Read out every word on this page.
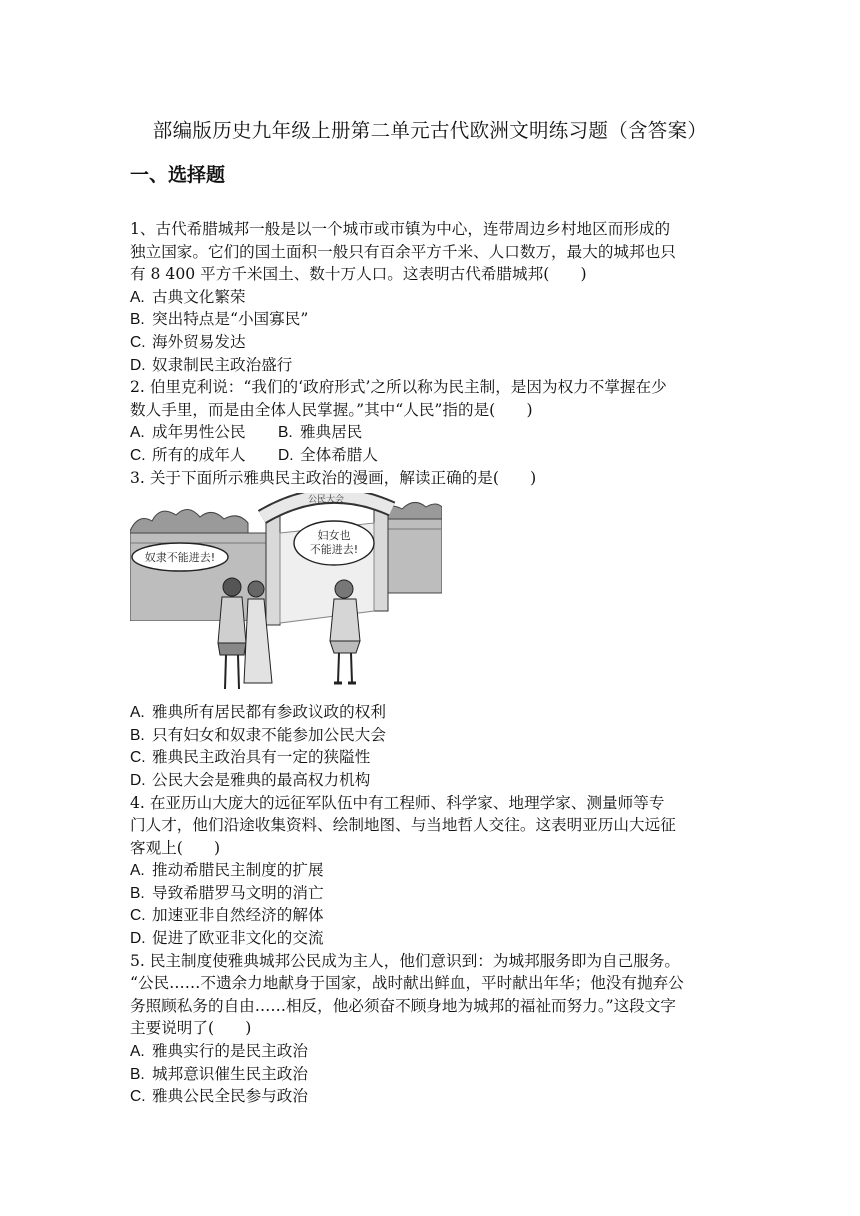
部编版历史九年级上册第二单元古代欧洲文明练习题（含答案）
一、选择题
1、古代希腊城邦一般是以一个城市或市镇为中心，连带周边乡村地区而形成的
独立国家。它们的国土面积一般只有百余平方千米、人口数万，最大的城邦也只
有 8 400 平方千米国土、数十万人口。这表明古代希腊城邦(　　)
A. 古典文化繁荣
B. 突出特点是“小国寡民”
C. 海外贸易发达
D. 奴隶制民主政治盛行
2. 伯里克利说：“我们的‘政府形式’之所以称为民主制，是因为权力不掌握在少
数人手里，而是由全体人民掌握。”其中“人民”指的是(　　)
A. 成年男性公民 B. 雅典居民
C. 所有的成年人 D. 全体希腊人
3. 关于下面所示雅典民主政治的漫画，解读正确的是(　　)
公民大会
奴隶不能进去!
妇女也
不能进去!
A. 雅典所有居民都有参政议政的权利
B. 只有妇女和奴隶不能参加公民大会
C. 雅典民主政治具有一定的狭隘性
D. 公民大会是雅典的最高权力机构
4. 在亚历山大庞大的远征军队伍中有工程师、科学家、地理学家、测量师等专
门人才，他们沿途收集资料、绘制地图、与当地哲人交往。这表明亚历山大远征
客观上(　　)
A. 推动希腊民主制度的扩展
B. 导致希腊罗马文明的消亡
C. 加速亚非自然经济的解体
D. 促进了欧亚非文化的交流
5. 民主制度使雅典城邦公民成为主人，他们意识到：为城邦服务即为自己服务。
“公民……不遗余力地献身于国家，战时献出鲜血，平时献出年华；他没有抛弃公
务照顾私务的自由……相反，他必须奋不顾身地为城邦的福祉而努力。”这段文字
主要说明了(　　)
A. 雅典实行的是民主政治
B. 城邦意识催生民主政治
C. 雅典公民全民参与政治
